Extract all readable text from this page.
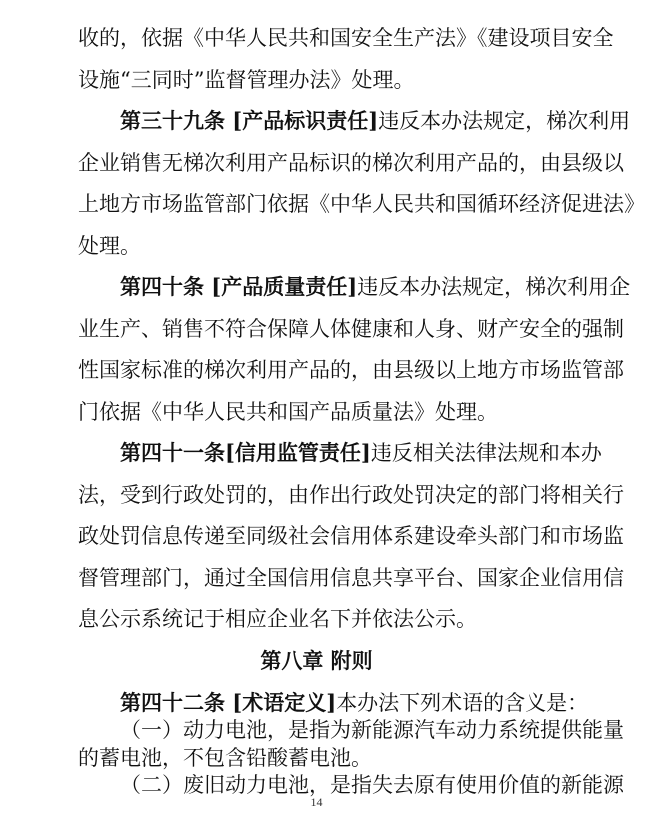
收的，依据《中华人民共和国安全生产法》《建设项目安全
设施“三同时”监督管理办法》处理。
第三十九条 [产品标识责任]违反本办法规定，梯次利用
企业销售无梯次利用产品标识的梯次利用产品的，由县级以
上地方市场监管部门依据《中华人民共和国循环经济促进法》
处理。
第四十条 [产品质量责任]违反本办法规定，梯次利用企
业生产、销售不符合保障人体健康和人身、财产安全的强制
性国家标准的梯次利用产品的，由县级以上地方市场监管部
门依据《中华人民共和国产品质量法》处理。
第四十一条[信用监管责任]违反相关法律法规和本办
法，受到行政处罚的，由作出行政处罚决定的部门将相关行
政处罚信息传递至同级社会信用体系建设牵头部门和市场监
督管理部门，通过全国信用信息共享平台、国家企业信用信
息公示系统记于相应企业名下并依法公示。
第八章 附则
第四十二条 [术语定义]本办法下列术语的含义是：
（一）动力电池，是指为新能源汽车动力系统提供能量
的蓄电池，不包含铅酸蓄电池。
（二）废旧动力电池，是指失去原有使用价值的新能源
14
